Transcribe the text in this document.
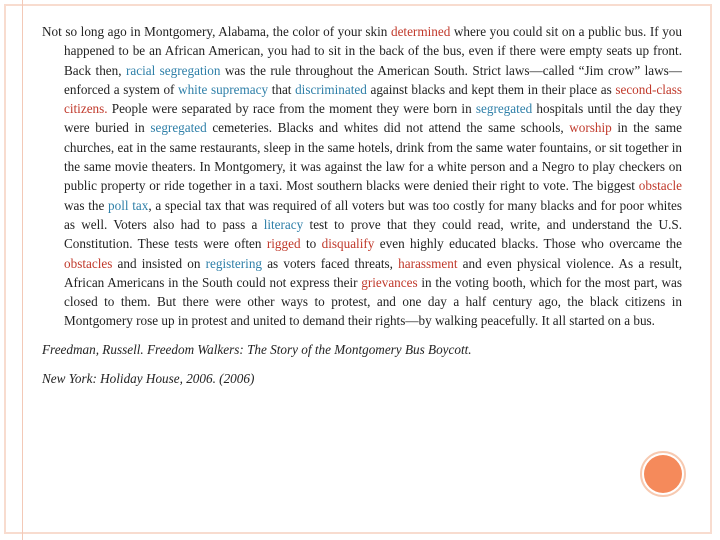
Not so long ago in Montgomery, Alabama, the color of your skin determined where you could sit on a public bus. If you happened to be an African American, you had to sit in the back of the bus, even if there were empty seats up front. Back then, racial segregation was the rule throughout the American South. Strict laws—called “Jim crow” laws—enforced a system of white supremacy that discriminated against blacks and kept them in their place as second-class citizens. People were separated by race from the moment they were born in segregated hospitals until the day they were buried in segregated cemeteries. Blacks and whites did not attend the same schools, worship in the same churches, eat in the same restaurants, sleep in the same hotels, drink from the same water fountains, or sit together in the same movie theaters. In Montgomery, it was against the law for a white person and a Negro to play checkers on public property or ride together in a taxi. Most southern blacks were denied their right to vote. The biggest obstacle was the poll tax, a special tax that was required of all voters but was too costly for many blacks and for poor whites as well. Voters also had to pass a literacy test to prove that they could read, write, and understand the U.S. Constitution. These tests were often rigged to disqualify even highly educated blacks. Those who overcame the obstacles and insisted on registering as voters faced threats, harassment and even physical violence. As a result, African Americans in the South could not express their grievances in the voting booth, which for the most part, was closed to them. But there were other ways to protest, and one day a half century ago, the black citizens in Montgomery rose up in protest and united to demand their rights—by walking peacefully. It all started on a bus.

Freedman, Russell. Freedom Walkers: The Story of the Montgomery Bus Boycott.
New York: Holiday House, 2006. (2006)
